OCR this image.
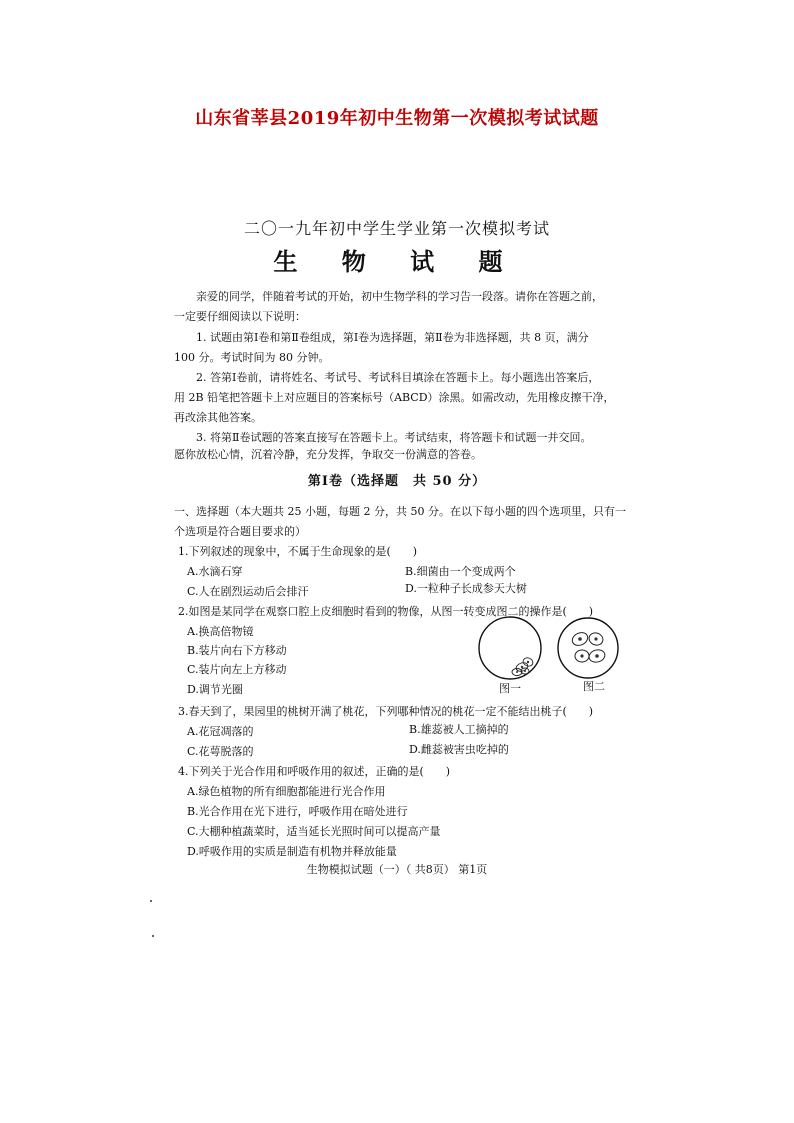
山东省莘县2019年初中生物第一次模拟考试试题
二〇一九年初中学生学业第一次模拟考试
生 物 试 题
亲爱的同学，伴随着考试的开始，初中生物学科的学习告一段落。请你在答题之前，
一定要仔细阅读以下说明：
1. 试题由第Ⅰ卷和第Ⅱ卷组成，第Ⅰ卷为选择题，第Ⅱ卷为非选择题，共 8 页，满分
100 分。考试时间为 80 分钟。
2. 答第Ⅰ卷前，请将姓名、考试号、考试科目填涂在答题卡上。每小题选出答案后，
用 2B 铅笔把答题卡上对应题目的答案标号（ABCD）涂黑。如需改动，先用橡皮擦干净，
再改涂其他答案。
3. 将第Ⅱ卷试题的答案直接写在答题卡上。考试结束，将答题卡和试题一并交回。
愿你放松心情，沉着冷静，充分发挥，争取交一份满意的答卷。
第Ⅰ卷（选择题　共 50 分）
一、选择题（本大题共 25 小题，每题 2 分，共 50 分。在以下每小题的四个选项里，只有一
个选项是符合题目要求的）
1.下列叙述的现象中，不属于生命现象的是(　　)
A.水滴石穿	B.细菌由一个变成两个
C.人在剧烈运动后会排汗	D.一粒种子长成参天大树
2.如图是某同学在观察口腔上皮细胞时看到的物像，从图一转变成图二的操作是(　　)
A.换高倍物镜
B.装片向右下方移动
C.装片向左上方移动
D.调节光圈	图一	图二
3.春天到了，果园里的桃树开满了桃花，下列哪种情况的桃花一定不能结出桃子(　　)
A.花冠凋落的	B.雄蕊被人工摘掉的
C.花萼脱落的	D.雌蕊被害虫吃掉的
4.下列关于光合作用和呼吸作用的叙述，正确的是(　　)
A.绿色植物的所有细胞都能进行光合作用
B.光合作用在光下进行，呼吸作用在暗处进行
C.大棚种植蔬菜时，适当延长光照时间可以提高产量
D.呼吸作用的实质是制造有机物并释放能量
生物模拟试题（一）（ 共8页） 第1页
